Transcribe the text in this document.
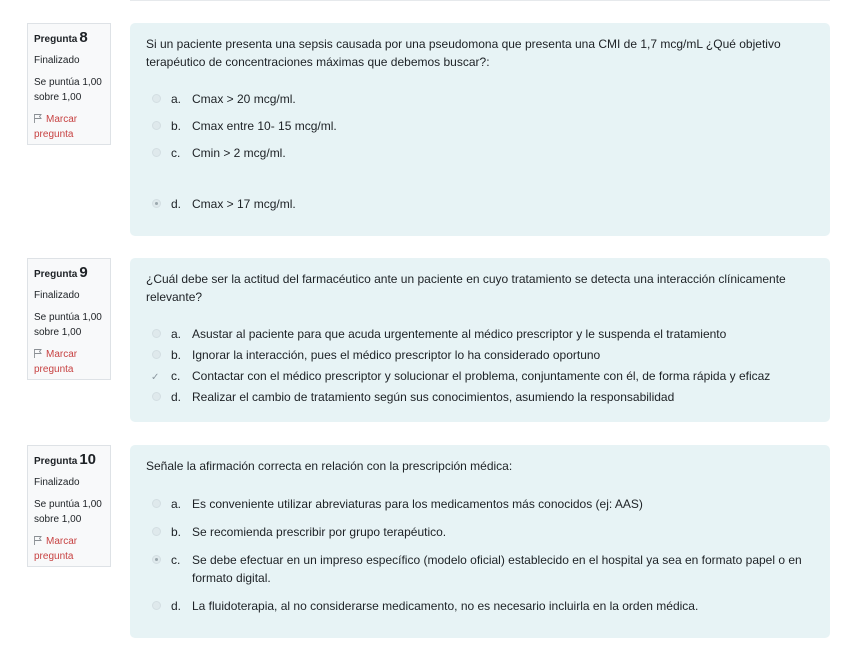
Pregunta 8
Finalizado
Se puntúa 1,00 sobre 1,00
Marcar pregunta

Si un paciente presenta una sepsis causada por una pseudomona que presenta una CMI de 1,7 mcg/mL ¿Qué objetivo terapéutico de concentraciones máximas que debemos buscar?:

a. Cmax > 20 mcg/ml.
b. Cmax entre 10- 15 mcg/ml.
c. Cmin > 2 mcg/ml.
d. Cmax > 17 mcg/ml.
Pregunta 9
Finalizado
Se puntúa 1,00 sobre 1,00
Marcar pregunta

¿Cuál debe ser la actitud del farmacéutico ante un paciente en cuyo tratamiento se detecta una interacción clínicamente relevante?

a. Asustar al paciente para que acuda urgentemente al médico prescriptor y le suspenda el tratamiento
b. Ignorar la interacción, pues el médico prescriptor lo ha considerado oportuno
✓ c. Contactar con el médico prescriptor y solucionar el problema, conjuntamente con él, de forma rápida y eficaz
d. Realizar el cambio de tratamiento según sus conocimientos, asumiendo la responsabilidad
Pregunta 10
Finalizado
Se puntúa 1,00 sobre 1,00
Marcar pregunta

Señale la afirmación correcta en relación con la prescripción médica:

a. Es conveniente utilizar abreviaturas para los medicamentos más conocidos (ej: AAS)
b. Se recomienda prescribir por grupo terapéutico.
c. Se debe efectuar en un impreso específico (modelo oficial) establecido en el hospital ya sea en formato papel o en formato digital.
d. La fluidoterapia, al no considerarse medicamento, no es necesario incluirla en la orden médica.
